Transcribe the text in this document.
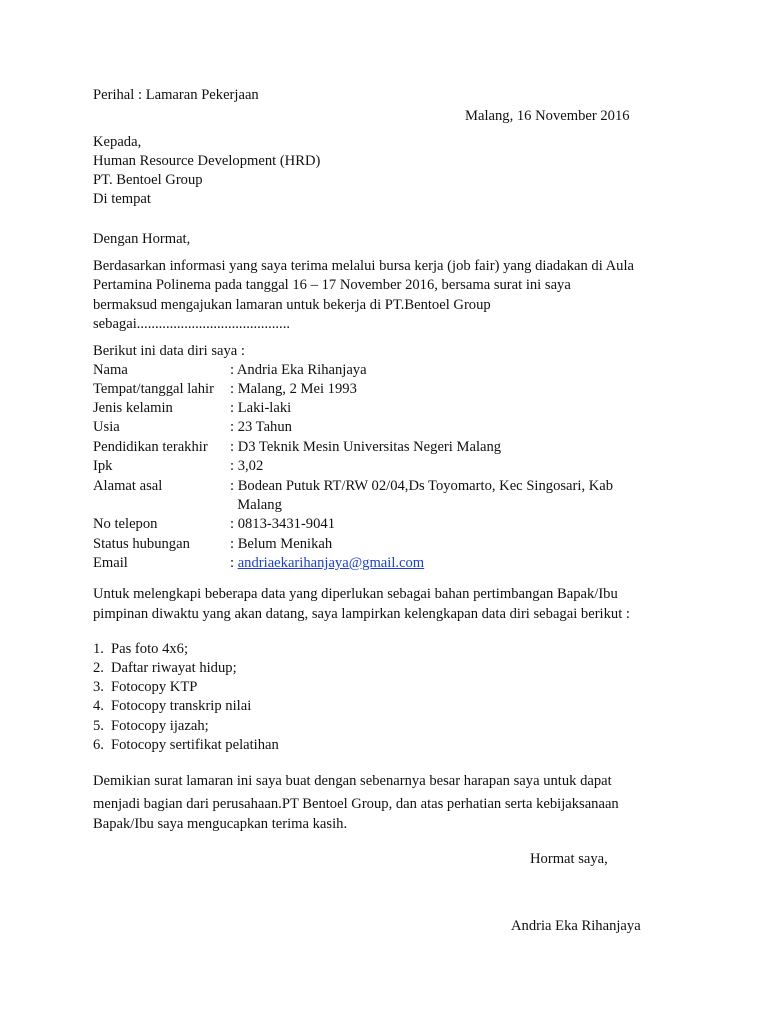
Perihal : Lamaran Pekerjaan
Malang, 16 November 2016
Kepada,
Human Resource Development (HRD)
PT. Bentoel Group
Di tempat
Dengan Hormat,
Berdasarkan informasi yang saya terima melalui bursa kerja (job fair) yang diadakan di Aula
Pertamina Polinema pada tanggal 16 – 17 November 2016, bersama surat ini saya
bermaksud mengajukan lamaran untuk bekerja di PT.Bentoel Group
sebagai..........................................
Berikut ini data diri saya :
Nama	: Andria Eka Rihanjaya
Tempat/tanggal lahir : Malang, 2 Mei 1993
Jenis kelamin	: Laki-laki
Usia	: 23 Tahun
Pendidikan terakhir : D3 Teknik Mesin Universitas Negeri Malang
Ipk	: 3,02
Alamat asal	: Bodean Putuk RT/RW 02/04,Ds Toyomarto, Kec Singosari, Kab
Malang
No telepon	: 0813-3431-9041
Status hubungan	: Belum Menikah
Email	: andriaekarihanjaya@gmail.com
Untuk melengkapi beberapa data yang diperlukan sebagai bahan pertimbangan Bapak/Ibu
pimpinan diwaktu yang akan datang, saya lampirkan kelengkapan data diri sebagai berikut :
1. Pas foto 4x6;
2. Daftar riwayat hidup;
3. Fotocopy KTP
4. Fotocopy transkrip nilai
5. Fotocopy ijazah;
6. Fotocopy sertifikat pelatihan
Demikian surat lamaran ini saya buat dengan sebenarnya besar harapan saya untuk dapat
menjadi bagian dari perusahaan.PT Bentoel Group, dan atas perhatian serta kebijaksanaan
Bapak/Ibu saya mengucapkan terima kasih.
Hormat saya,
Andria Eka Rihanjaya
